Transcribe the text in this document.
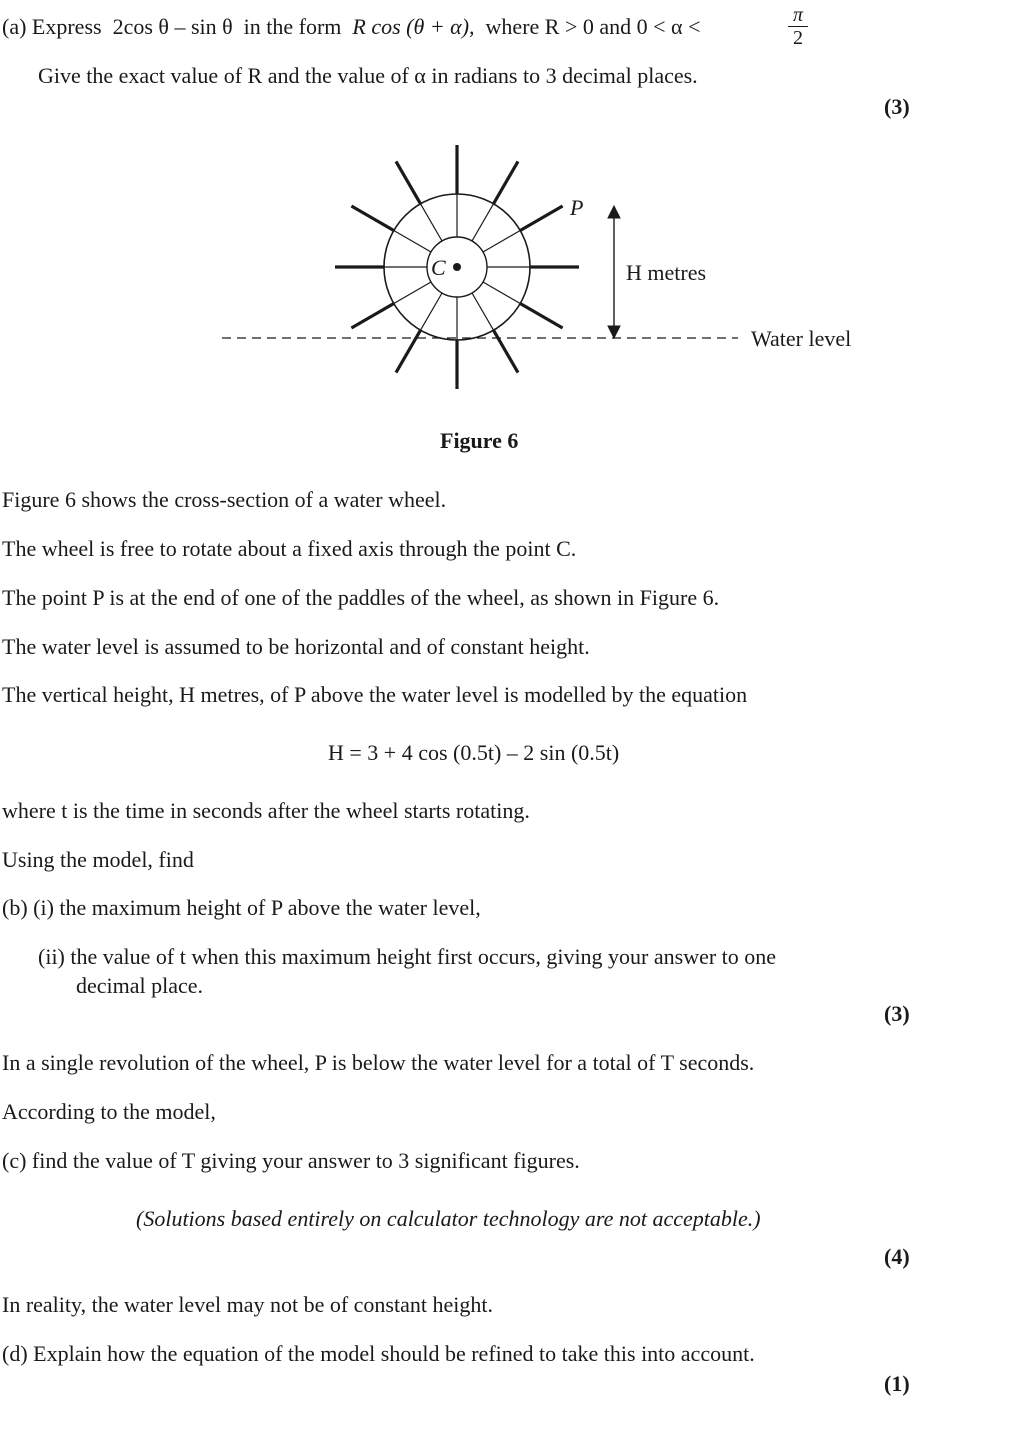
(a) Express 2cos θ – sin θ in the form R cos (θ + α), where R > 0 and 0 < α <	$\frac{\pi}{2}$
Give the exact value of R and the value of α in radians to 3 decimal places.
(3)
C
P
H metres
Water level
Figure 6
Figure 6 shows the cross-section of a water wheel.
The wheel is free to rotate about a fixed axis through the point C.
The point P is at the end of one of the paddles of the wheel, as shown in Figure 6.
The water level is assumed to be horizontal and of constant height.
The vertical height, H metres, of P above the water level is modelled by the equation
H = 3 + 4 cos (0.5t) – 2 sin (0.5t)
where t is the time in seconds after the wheel starts rotating.
Using the model, find
(b) (i) the maximum height of P above the water level,
(ii) the value of t when this maximum height first occurs, giving your answer to one
decimal place.
(3)
In a single revolution of the wheel, P is below the water level for a total of T seconds.
According to the model,
(c) find the value of T giving your answer to 3 significant figures.
(Solutions based entirely on calculator technology are not acceptable.)
(4)
In reality, the water level may not be of constant height.
(d) Explain how the equation of the model should be refined to take this into account.
(1)
